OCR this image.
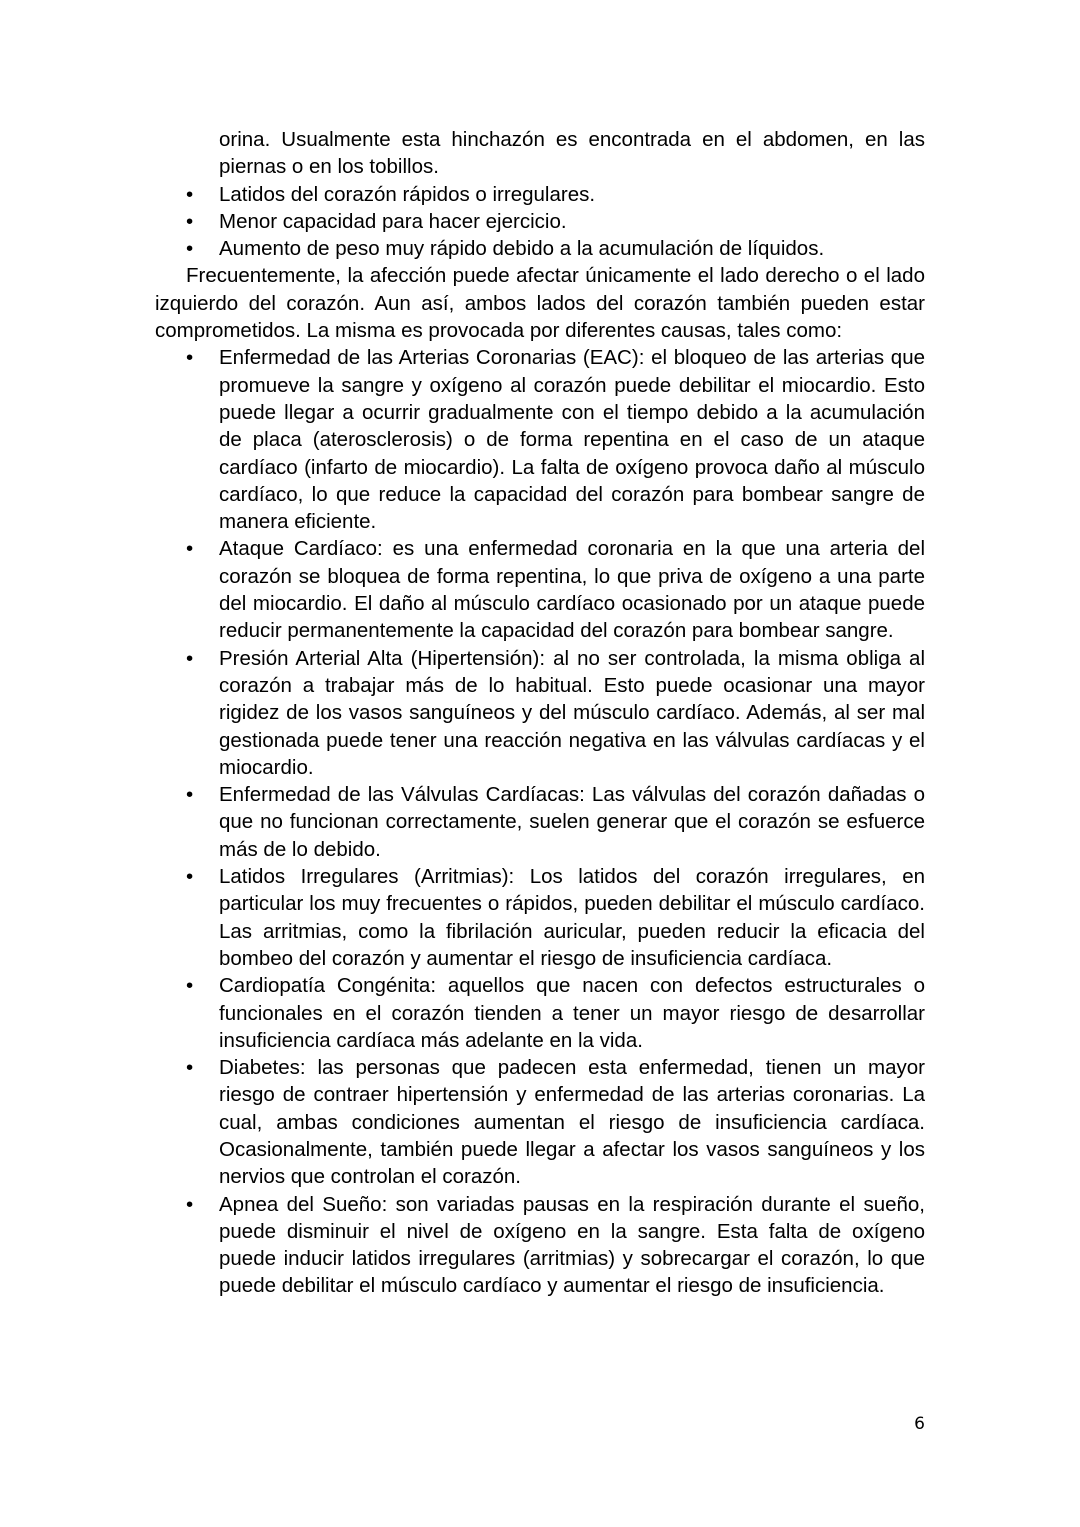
orina. Usualmente esta hinchazón es encontrada en el abdomen, en las piernas o en los tobillos.
• Latidos del corazón rápidos o irregulares.
• Menor capacidad para hacer ejercicio.
• Aumento de peso muy rápido debido a la acumulación de líquidos.

Frecuentemente, la afección puede afectar únicamente el lado derecho o el lado izquierdo del corazón. Aun así, ambos lados del corazón también pueden estar comprometidos. La misma es provocada por diferentes causas, tales como:

• Enfermedad de las Arterias Coronarias (EAC): el bloqueo de las arterias que promueve la sangre y oxígeno al corazón puede debilitar el miocardio. Esto puede llegar a ocurrir gradualmente con el tiempo debido a la acumulación de placa (aterosclerosis) o de forma repentina en el caso de un ataque cardíaco (infarto de miocardio). La falta de oxígeno provoca daño al músculo cardíaco, lo que reduce la capacidad del corazón para bombear sangre de manera eficiente.
• Ataque Cardíaco: es una enfermedad coronaria en la que una arteria del corazón se bloquea de forma repentina, lo que priva de oxígeno a una parte del miocardio. El daño al músculo cardíaco ocasionado por un ataque puede reducir permanentemente la capacidad del corazón para bombear sangre.
• Presión Arterial Alta (Hipertensión): al no ser controlada, la misma obliga al corazón a trabajar más de lo habitual. Esto puede ocasionar una mayor rigidez de los vasos sanguíneos y del músculo cardíaco. Además, al ser mal gestionada puede tener una reacción negativa en las válvulas cardíacas y el miocardio.
• Enfermedad de las Válvulas Cardíacas: Las válvulas del corazón dañadas o que no funcionan correctamente, suelen generar que el corazón se esfuerce más de lo debido.
• Latidos Irregulares (Arritmias): Los latidos del corazón irregulares, en particular los muy frecuentes o rápidos, pueden debilitar el músculo cardíaco. Las arritmias, como la fibrilación auricular, pueden reducir la eficacia del bombeo del corazón y aumentar el riesgo de insuficiencia cardíaca.
• Cardiopatía Congénita: aquellos que nacen con defectos estructurales o funcionales en el corazón tienden a tener un mayor riesgo de desarrollar insuficiencia cardíaca más adelante en la vida.
• Diabetes: las personas que padecen esta enfermedad, tienen un mayor riesgo de contraer hipertensión y enfermedad de las arterias coronarias. La cual, ambas condiciones aumentan el riesgo de insuficiencia cardíaca. Ocasionalmente, también puede llegar a afectar los vasos sanguíneos y los nervios que controlan el corazón.
• Apnea del Sueño: son variadas pausas en la respiración durante el sueño, puede disminuir el nivel de oxígeno en la sangre. Esta falta de oxígeno puede inducir latidos irregulares (arritmias) y sobrecargar el corazón, lo que puede debilitar el músculo cardíaco y aumentar el riesgo de insuficiencia.
6
